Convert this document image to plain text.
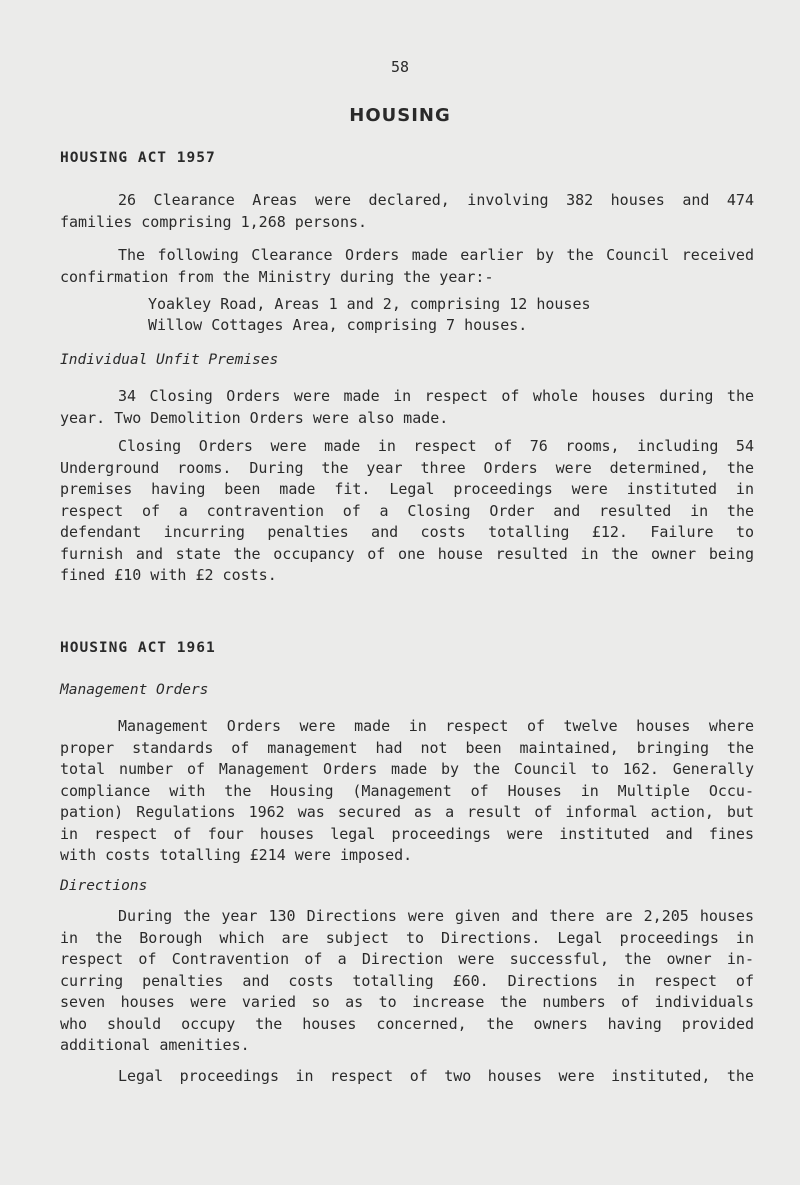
58
HOUSING
HOUSING ACT 1957
26 Clearance Areas were declared, involving 382 houses and 474
families comprising 1,268 persons.
The following Clearance Orders made earlier by the Council received
confirmation from the Ministry during the year:-
Yoakley Road, Areas 1 and 2, comprising 12 houses
Willow Cottages Area, comprising 7 houses.
Individual Unfit Premises
34 Closing Orders were made in respect of whole houses during the
year. Two Demolition Orders were also made.
Closing Orders were made in respect of 76 rooms, including 54
Underground rooms. During the year three Orders were determined, the
premises having been made fit. Legal proceedings were instituted in
respect of a contravention of a Closing Order and resulted in the
defendant incurring penalties and costs totalling £12. Failure to
furnish and state the occupancy of one house resulted in the owner being
fined £10 with £2 costs.
HOUSING ACT 1961
Management Orders
Management Orders were made in respect of twelve houses where
proper standards of management had not been maintained, bringing the
total number of Management Orders made by the Council to 162. Generally
compliance with the Housing (Management of Houses in Multiple Occu-
pation) Regulations 1962 was secured as a result of informal action, but
in respect of four houses legal proceedings were instituted and fines
with costs totalling £214 were imposed.
Directions
During the year 130 Directions were given and there are 2,205 houses
in the Borough which are subject to Directions. Legal proceedings in
respect of Contravention of a Direction were successful, the owner in-
curring penalties and costs totalling £60. Directions in respect of
seven houses were varied so as to increase the numbers of individuals
who should occupy the houses concerned, the owners having provided
additional amenities.
Legal proceedings in respect of two houses were instituted, the
